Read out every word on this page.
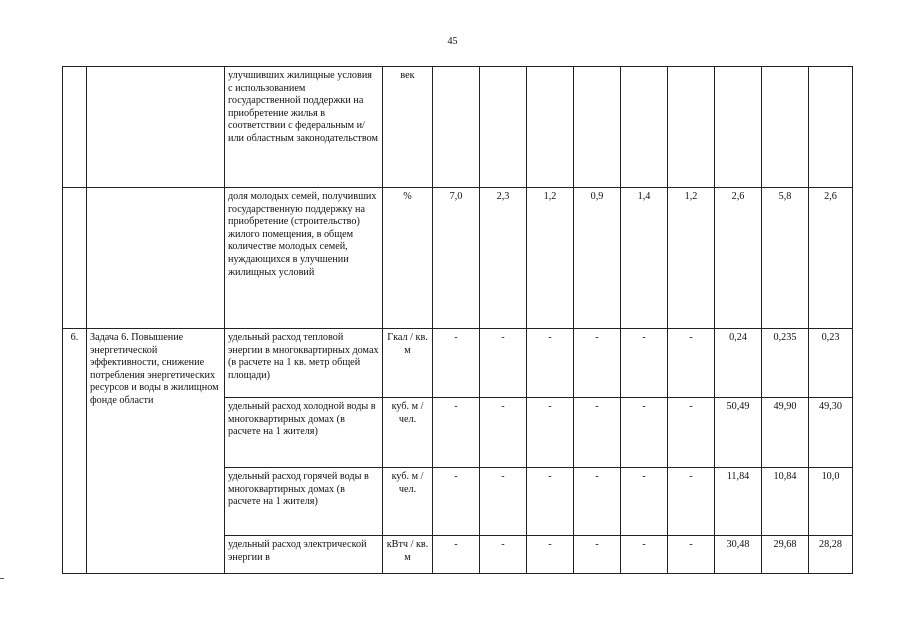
45
		улучшивших жилищные условия с использованием государственной поддержки на приобретение жилья в соответствии с федеральным и/или областным законодательством	век									
		доля молодых семей, получивших государственную поддержку на приобретение (строительство) жилого помещения, в общем количестве молодых семей, нуждающихся в улучшении жилищных условий	%	7,0	2,3	1,2	0,9	1,4	1,2	2,6	5,8	2,6
6.	Задача 6. Повышение энергетической эффективности, снижение потребления энергетических ресурсов и воды в жилищном фонде области	удельный расход тепловой энергии в многоквартирных домах (в расчете на 1 кв. метр общей площади)	Гкал / кв. м	-	-	-	-	-	-	0,24	0,235	0,23
		удельный расход холодной воды в многоквартирных домах (в расчете на 1 жителя)	куб. м / чел.	-	-	-	-	-	-	50,49	49,90	49,30
		удельный расход горячей воды в многоквартирных домах (в расчете на 1 жителя)	куб. м / чел.	-	-	-	-	-	-	11,84	10,84	10,0
		удельный расход электрической энергии в	кВтч / кв. м	-	-	-	-	-	-	30,48	29,68	28,28
